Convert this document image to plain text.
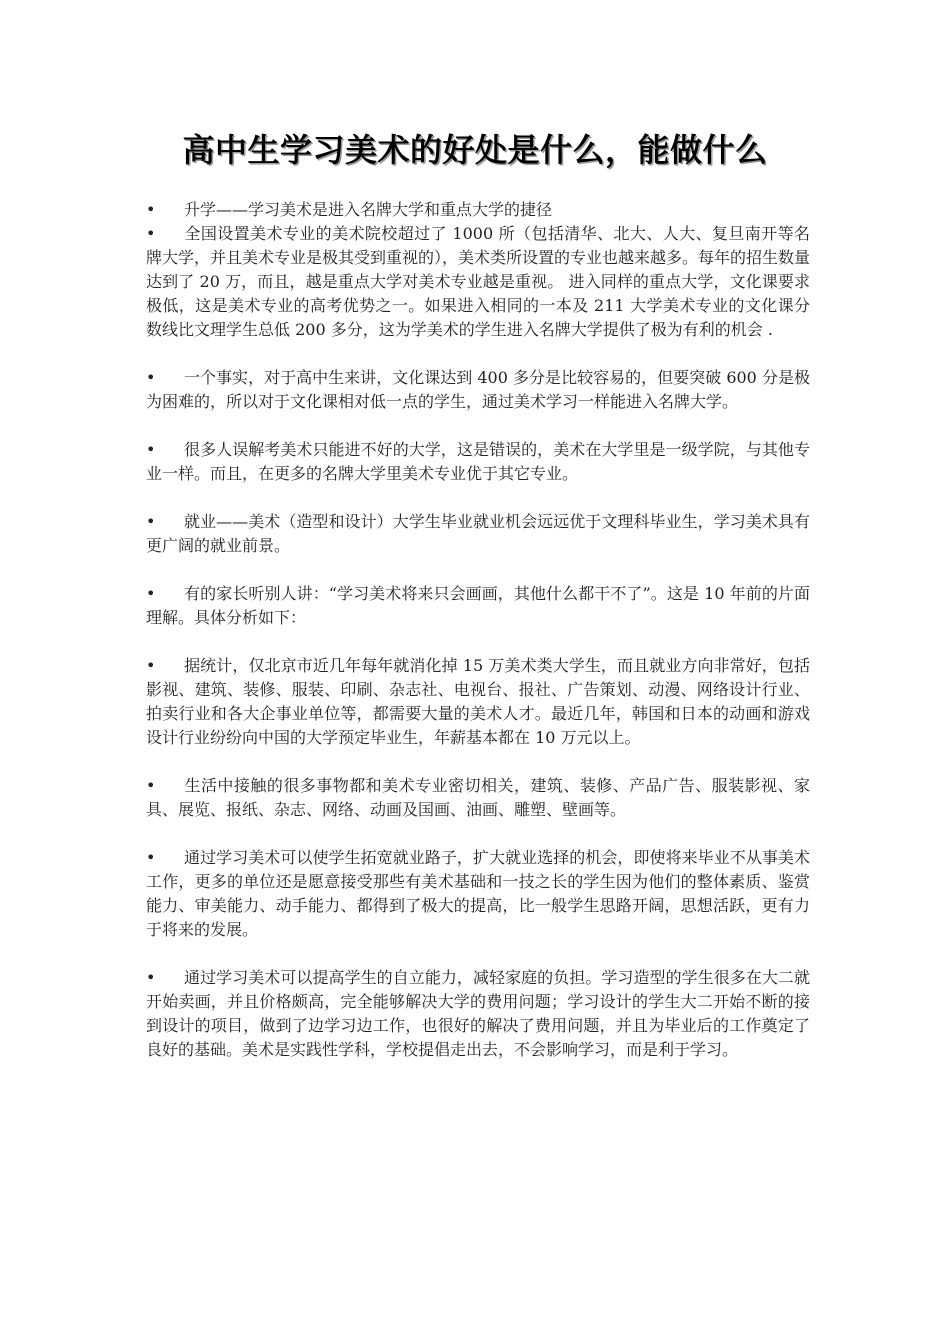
高中生学习美术的好处是什么，能做什么

• 升学——学习美术是进入名牌大学和重点大学的捷径

• 全国设置美术专业的美术院校超过了 1000 所（包括清华、北大、人大、复旦南开等名牌大学，并且美术专业是极其受到重视的），美术类所设置的专业也越来越多。每年的招生数量达到了 20 万，而且，越是重点大学对美术专业越是重视。 进入同样的重点大学，文化课要求极低，这是美术专业的高考优势之一。如果进入相同的一本及 211 大学美术专业的文化课分数线比文理学生总低 200 多分，这为学美术的学生进入名牌大学提供了极为有利的机会 .

• 一个事实，对于高中生来讲，文化课达到 400 多分是比较容易的，但要突破 600 分是极为困难的，所以对于文化课相对低一点的学生，通过美术学习一样能进入名牌大学。

• 很多人误解考美术只能进不好的大学，这是错误的，美术在大学里是一级学院，与其他专业一样。而且，在更多的名牌大学里美术专业优于其它专业。

• 就业——美术（造型和设计）大学生毕业就业机会远远优于文理科毕业生，学习美术具有更广阔的就业前景。

• 有的家长听别人讲：“学习美术将来只会画画，其他什么都干不了”。这是 10 年前的片面理解。具体分析如下：

• 据统计，仅北京市近几年每年就消化掉 15 万美术类大学生，而且就业方向非常好，包括影视、建筑、装修、服装、印刷、杂志社、电视台、报社、广告策划、动漫、网络设计行业、拍卖行业和各大企事业单位等，都需要大量的美术人才。最近几年，韩国和日本的动画和游戏设计行业纷纷向中国的大学预定毕业生，年薪基本都在 10 万元以上。

• 生活中接触的很多事物都和美术专业密切相关，建筑、装修、产品广告、服装影视、家具、展览、报纸、杂志、网络、动画及国画、油画、雕塑、壁画等。

• 通过学习美术可以使学生拓宽就业路子，扩大就业选择的机会，即使将来毕业不从事美术工作，更多的单位还是愿意接受那些有美术基础和一技之长的学生因为他们的整体素质、鉴赏能力、审美能力、动手能力、都得到了极大的提高，比一般学生思路开阔，思想活跃，更有力于将来的发展。

• 通过学习美术可以提高学生的自立能力，减轻家庭的负担。学习造型的学生很多在大二就开始卖画，并且价格颇高，完全能够解决大学的费用问题；学习设计的学生大二开始不断的接到设计的项目，做到了边学习边工作，也很好的解决了费用问题，并且为毕业后的工作奠定了良好的基础。美术是实践性学科，学校提倡走出去，不会影响学习，而是利于学习。
